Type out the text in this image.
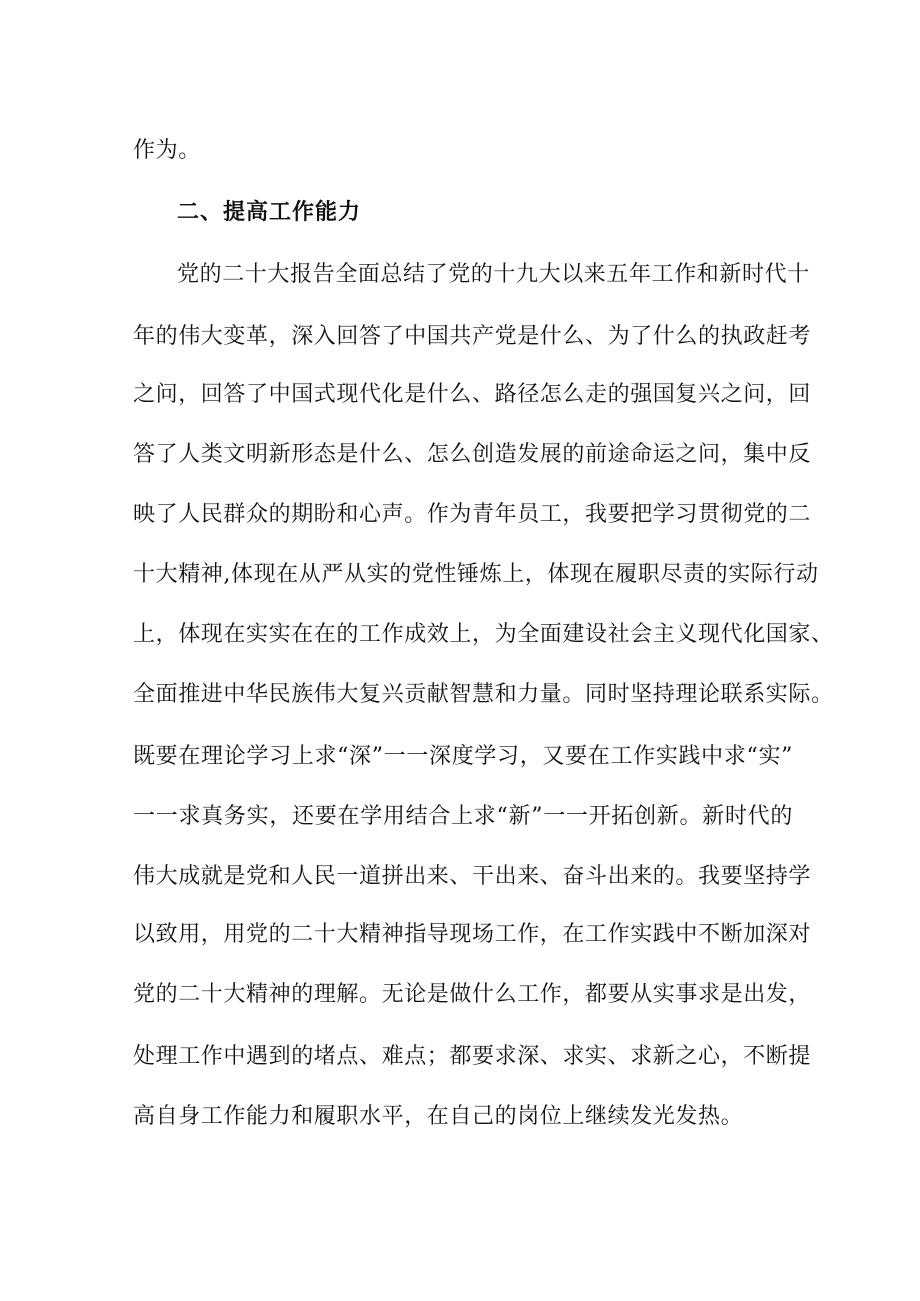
作为。
二、提高工作能力
党的二十大报告全面总结了党的十九大以来五年工作和新时代十
年的伟大变革，深入回答了中国共产党是什么、为了什么的执政赶考
之问，回答了中国式现代化是什么、路径怎么走的强国复兴之问，回
答了人类文明新形态是什么、怎么创造发展的前途命运之问，集中反
映了人民群众的期盼和心声。作为青年员工，我要把学习贯彻党的二
十大精神,体现在从严从实的党性锤炼上，体现在履职尽责的实际行动
上，体现在实实在在的工作成效上，为全面建设社会主义现代化国家、
全面推进中华民族伟大复兴贡献智慧和力量。同时坚持理论联系实际。
既要在理论学习上求“深”一一深度学习，又要在工作实践中求“实”
一一求真务实，还要在学用结合上求“新”一一开拓创新。新时代的
伟大成就是党和人民一道拼出来、干出来、奋斗出来的。我要坚持学
以致用，用党的二十大精神指导现场工作，在工作实践中不断加深对
党的二十大精神的理解。无论是做什么工作，都要从实事求是出发，
处理工作中遇到的堵点、难点；都要求深、求实、求新之心，不断提
高自身工作能力和履职水平，在自己的岗位上继续发光发热。
